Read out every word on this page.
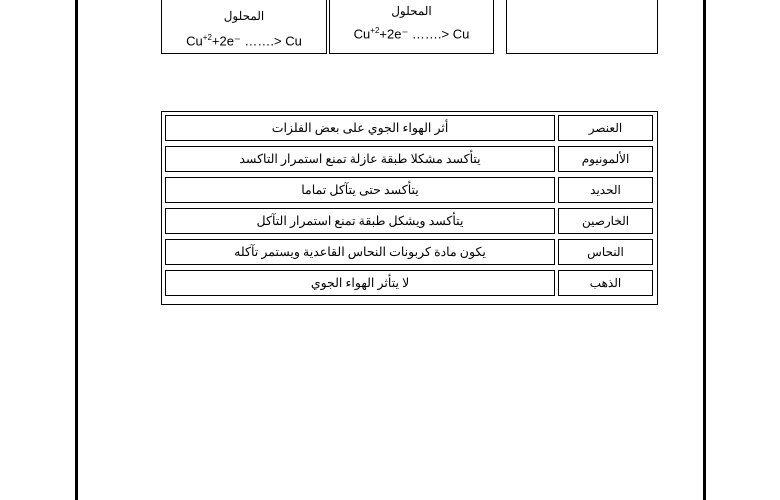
المحلول
$Cu^{+2}+2e^-$ …….> Cu
المحلول
$Cu^{+2}+2e^-$ …….> Cu
أثر الهواء الجوي على بعض الفلزات	العنصر
يتأكسد مشكلا طبقة عازلة تمنع استمرار التاكسد	الألمونيوم
يتأكسد حتى يتآكل تماما	الحديد
يتأكسد ويشكل طبقة تمنع استمرار التآكل	الخارصين
يكون مادة كربونات النحاس القاعدية ويستمر تآكله	النحاس
لا يتأثر الهواء الجوي	الذهب
